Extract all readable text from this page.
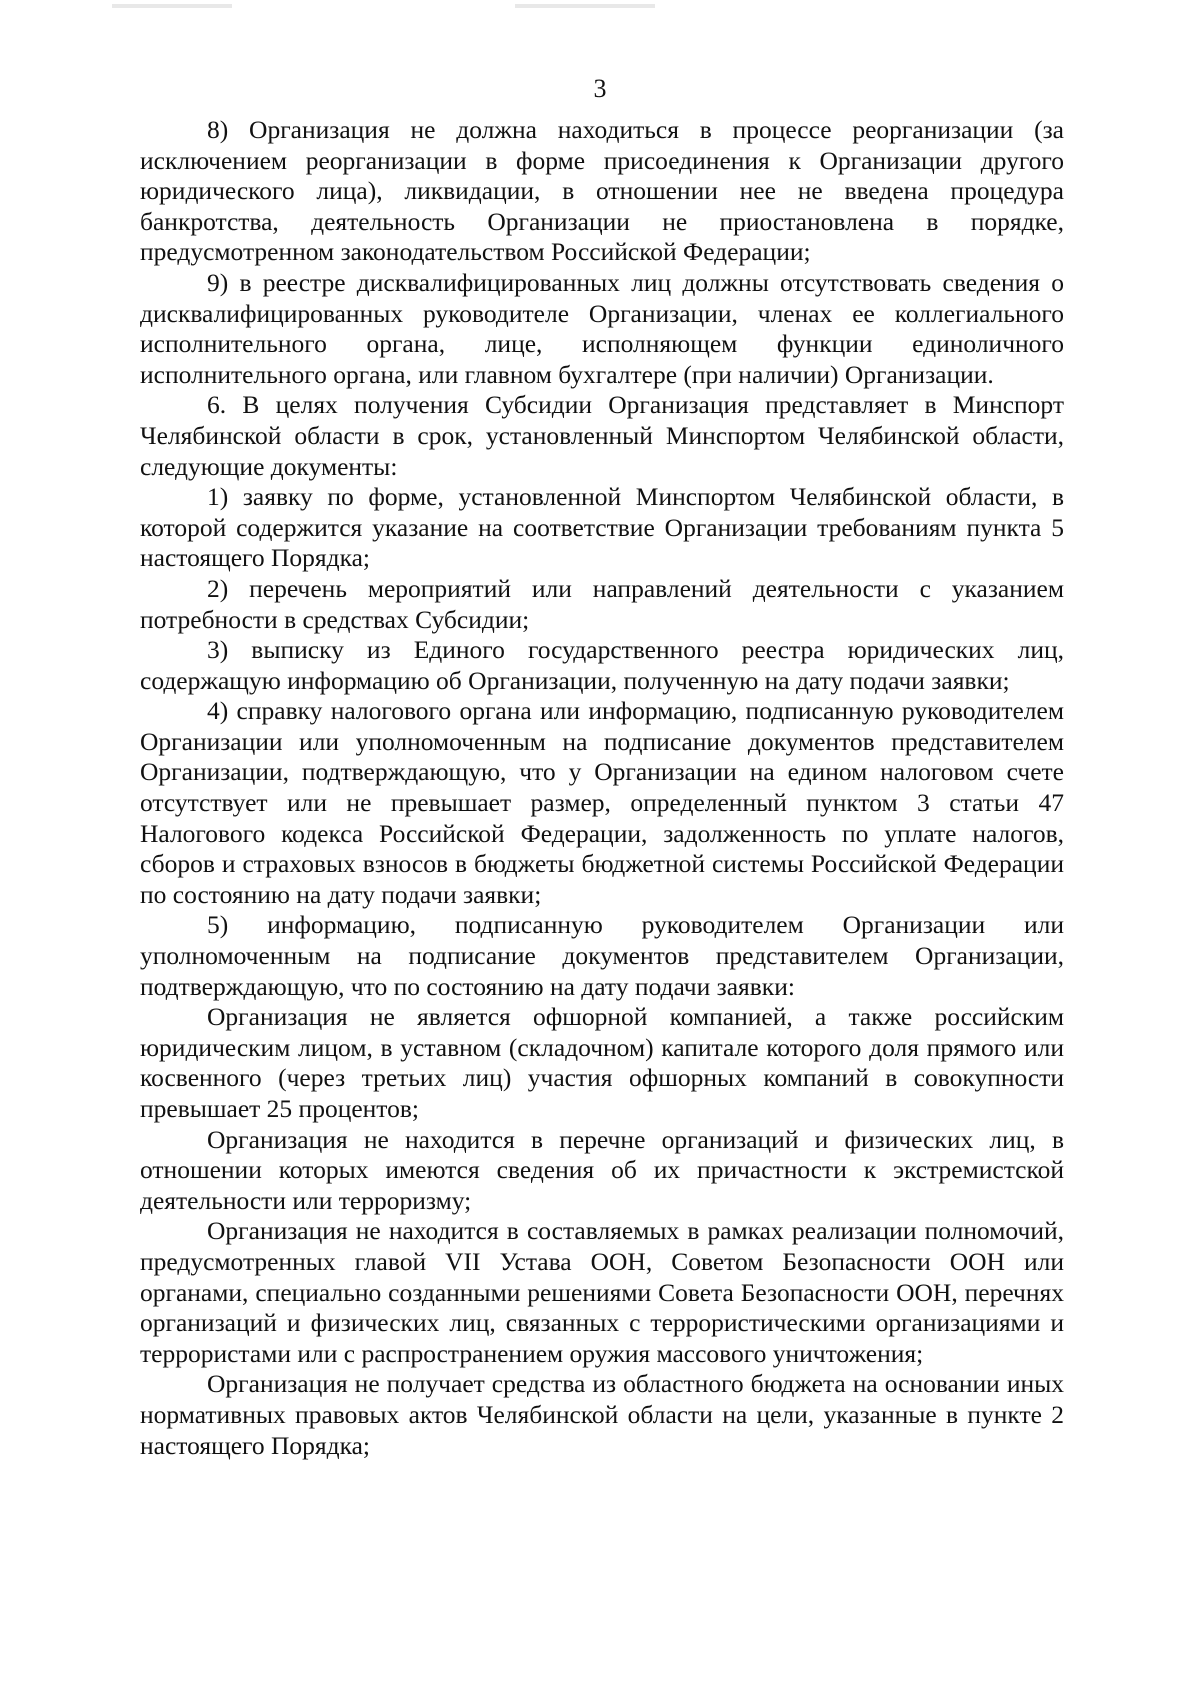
3

8) Организация не должна находиться в процессе реорганизации (за исключением реорганизации в форме присоединения к Организации другого юридического лица), ликвидации, в отношении нее не введена процедура банкротства, деятельность Организации не приостановлена в порядке, предусмотренном законодательством Российской Федерации;

9) в реестре дисквалифицированных лиц должны отсутствовать сведения о дисквалифицированных руководителе Организации, членах ее коллегиального исполнительного органа, лице, исполняющем функции единоличного исполнительного органа, или главном бухгалтере (при наличии) Организации.

6. В целях получения Субсидии Организация представляет в Минспорт Челябинской области в срок, установленный Минспортом Челябинской области, следующие документы:

1) заявку по форме, установленной Минспортом Челябинской области, в которой содержится указание на соответствие Организации требованиям пункта 5 настоящего Порядка;

2) перечень мероприятий или направлений деятельности с указанием потребности в средствах Субсидии;

3) выписку из Единого государственного реестра юридических лиц, содержащую информацию об Организации, полученную на дату подачи заявки;

4) справку налогового органа или информацию, подписанную руководителем Организации или уполномоченным на подписание документов представителем Организации, подтверждающую, что у Организации на едином налоговом счете отсутствует или не превышает размер, определенный пунктом 3 статьи 47 Налогового кодекса Российской Федерации, задолженность по уплате налогов, сборов и страховых взносов в бюджеты бюджетной системы Российской Федерации по состоянию на дату подачи заявки;

5) информацию, подписанную руководителем Организации или уполномоченным на подписание документов представителем Организации, подтверждающую, что по состоянию на дату подачи заявки:

Организация не является офшорной компанией, а также российским юридическим лицом, в уставном (складочном) капитале которого доля прямого или косвенного (через третьих лиц) участия офшорных компаний в совокупности превышает 25 процентов;

Организация не находится в перечне организаций и физических лиц, в отношении которых имеются сведения об их причастности к экстремистской деятельности или терроризму;

Организация не находится в составляемых в рамках реализации полномочий, предусмотренных главой VII Устава ООН, Советом Безопасности ООН или органами, специально созданными решениями Совета Безопасности ООН, перечнях организаций и физических лиц, связанных с террористическими организациями и террористами или с распространением оружия массового уничтожения;

Организация не получает средства из областного бюджета на основании иных нормативных правовых актов Челябинской области на цели, указанные в пункте 2 настоящего Порядка;
